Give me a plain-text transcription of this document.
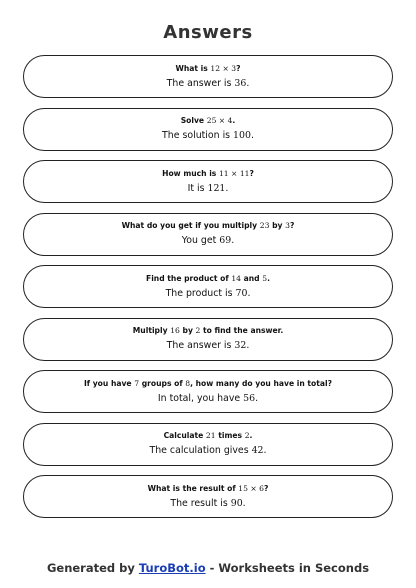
Answers
What is 12 × 3?
The answer is 36.
Solve 25 × 4.
The solution is 100.
How much is 11 × 11?
It is 121.
What do you get if you multiply 23 by 3?
You get 69.
Find the product of 14 and 5.
The product is 70.
Multiply 16 by 2 to find the answer.
The answer is 32.
If you have 7 groups of 8, how many do you have in total?
In total, you have 56.
Calculate 21 times 2.
The calculation gives 42.
What is the result of 15 × 6?
The result is 90.
Generated by TuroBot.io - Worksheets in Seconds
